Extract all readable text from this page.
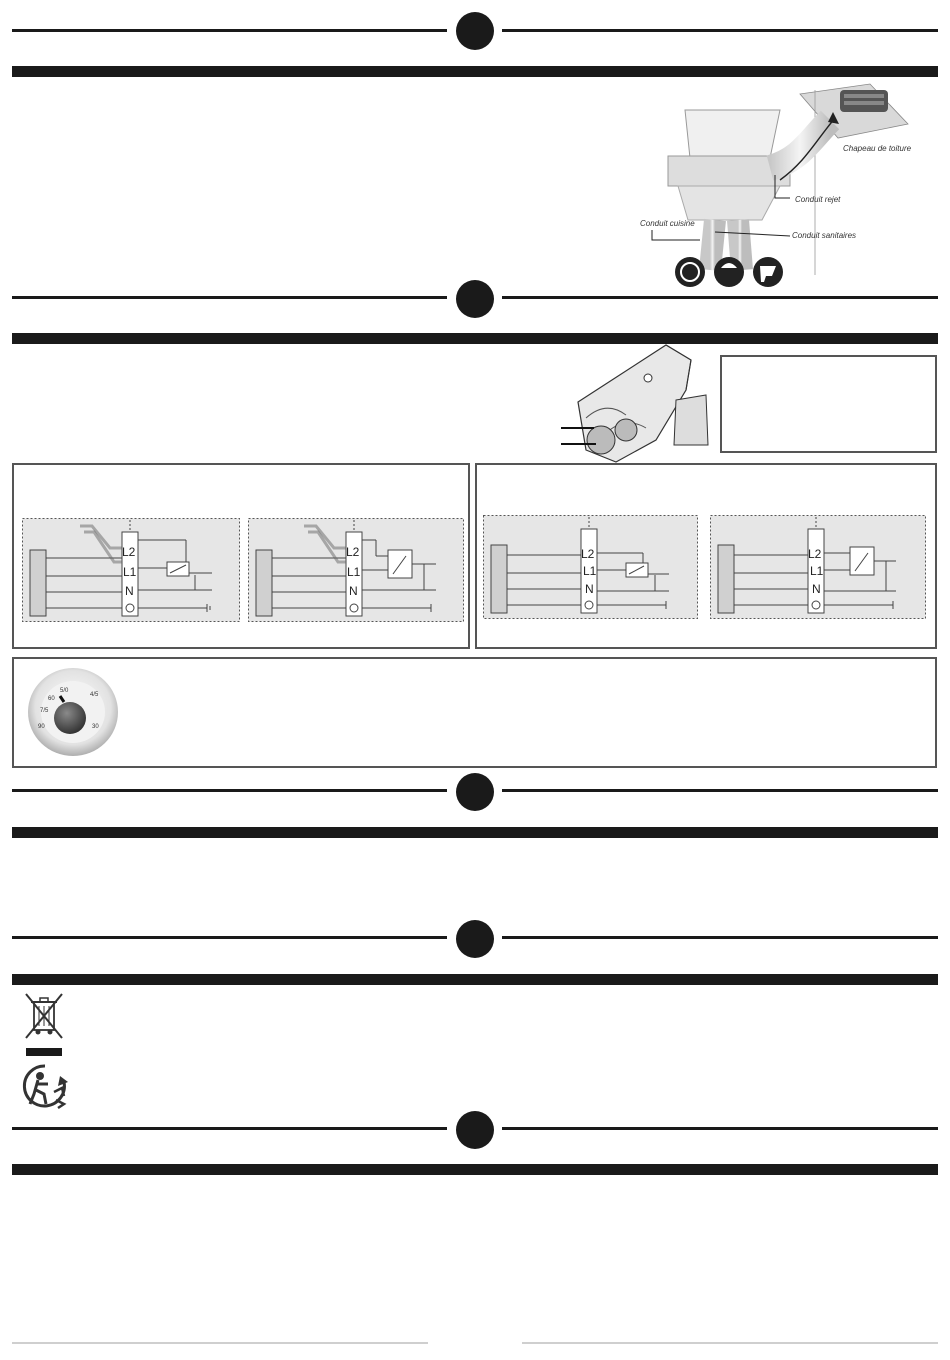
Chapeau de toiture
Conduit rejet
Conduit cuisine
Conduit sanitaires
L2
L1
N
L2
L1
N
L2
L1
N
L2
L1
N
7/5
60
5/0
4/5
30
90
